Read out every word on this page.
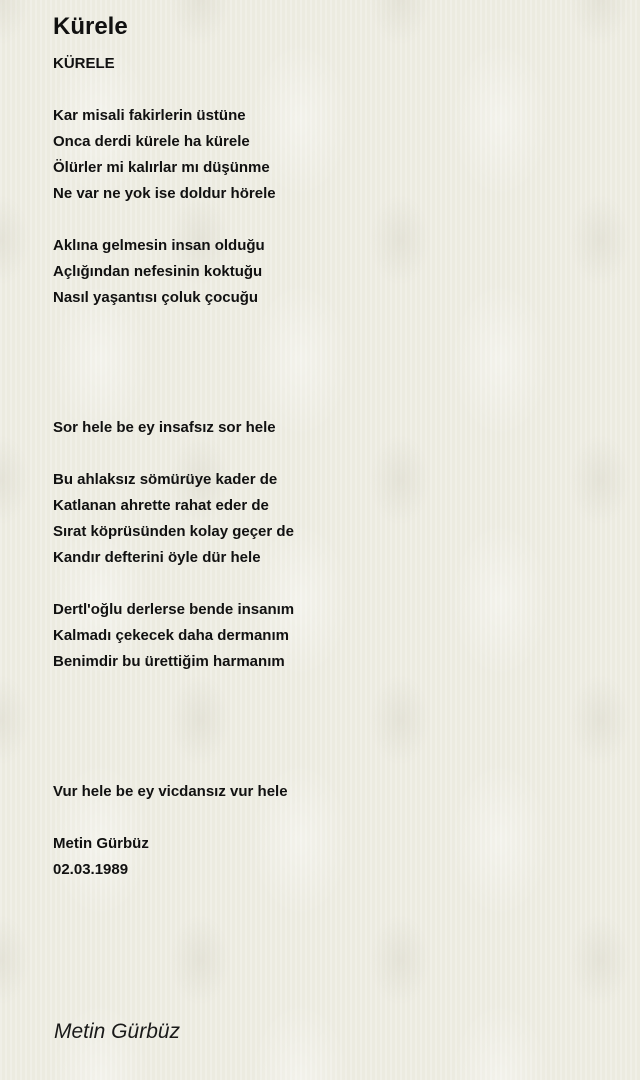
Kürele
KÜRELE
Kar misali fakirlerin üstüne
Onca derdi kürele ha kürele
Ölürler mi kalırlar mı düşünme
Ne var ne yok ise doldur hörele
Aklına gelmesin insan olduğu
Açlığından nefesinin koktuğu
Nasıl yaşantısı çoluk çocuğu
Sor hele be ey insafsız sor hele
Bu ahlaksız sömürüye kader de
Katlanan ahrette rahat eder de
Sırat köprüsünden kolay geçer de
Kandır defterini öyle dür hele
Dertl'oğlu derlerse bende insanım
Kalmadı çekecek daha dermanım
Benimdir bu ürettiğim harmanım
Vur hele be ey vicdansız vur hele
Metin Gürbüz
02.03.1989
Metin Gürbüz
